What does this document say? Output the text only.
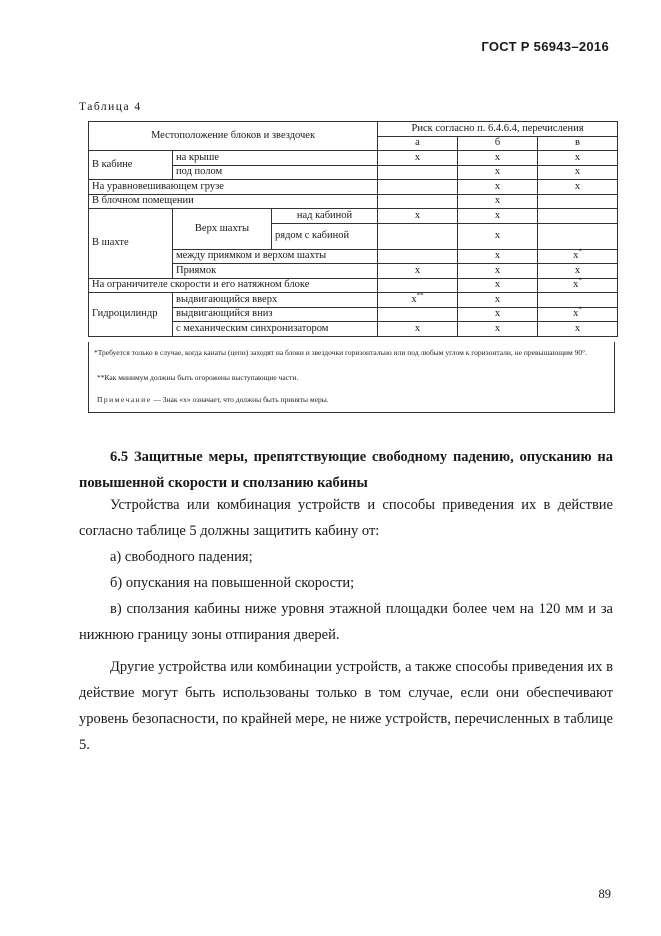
ГОСТ Р 56943–2016
Таблица 4
Местоположение блоков и звездочек			Риск согласно п. 6.4.6.4, перечисления		
			а	б	в
В кабине	на крыше		х	х	х
	под полом			х	х
На уравновешивающем грузе				х	х
В блочном помещении				х	
В шахте	Верх шахты	над кабиной	х	х	
		рядом с кабиной		х	
	между приямком и верхом шахты			х	х*
	Приямок		х	х	х
На ограничителе скорости и его натяжном блоке				х	х*
Гидроцилиндр	выдвигающийся вверх		х**	х	
	выдвигающийся вниз			х	х*
	с механическим синхронизатором		х	х	х
*Требуется только в случае, когда канаты (цепи) заходят на блоки и звездочки горизонтально или под любым углом к горизонтали, не превышающим 90°.
**Как минимум должны быть огорожены выступающие части.
Примечание — Знак «х» означает, что должны быть приняты меры.
6.5 Защитные меры, препятствующие свободному падению, опусканию на повышенной скорости и сползанию кабины
Устройства или комбинация устройств и способы приведения их в действие согласно таблице 5 должны защитить кабину от:
а) свободного падения;
б) опускания на повышенной скорости;
в) сползания кабины ниже уровня этажной площадки более чем на 120 мм и за нижнюю границу зоны отпирания дверей.
Другие устройства или комбинации устройств, а также способы приведения их в действие могут быть использованы только в том случае, если они обеспечивают уровень безопасности, по крайней мере, не ниже устройств, перечисленных в таблице 5.
89
